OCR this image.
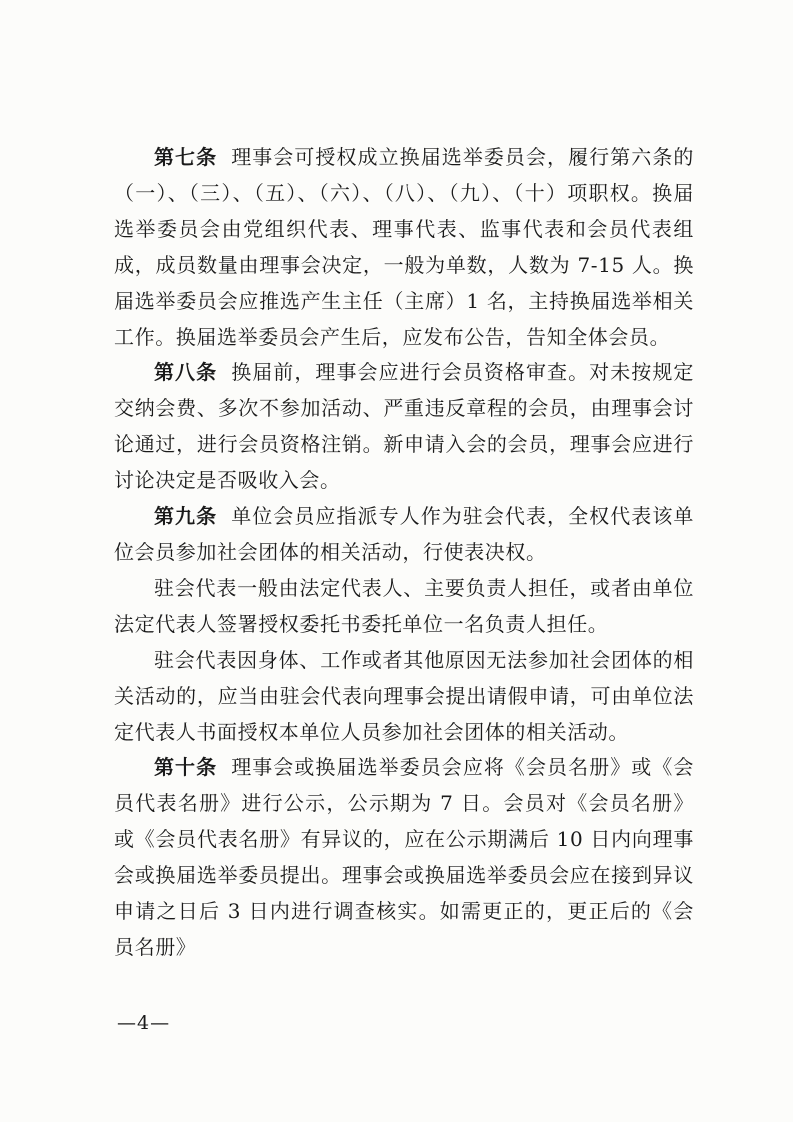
第七条 理事会可授权成立换届选举委员会，履行第六条的（一）、（三）、（五）、（六）、（八）、（九）、（十）项职权。换届选举委员会由党组织代表、理事代表、监事代表和会员代表组成，成员数量由理事会决定，一般为单数，人数为 7-15 人。换届选举委员会应推选产生主任（主席）1 名，主持换届选举相关工作。换届选举委员会产生后，应发布公告，告知全体会员。

第八条 换届前，理事会应进行会员资格审查。对未按规定交纳会费、多次不参加活动、严重违反章程的会员，由理事会讨论通过，进行会员资格注销。新申请入会的会员，理事会应进行讨论决定是否吸收入会。

第九条 单位会员应指派专人作为驻会代表，全权代表该单位会员参加社会团体的相关活动，行使表决权。

驻会代表一般由法定代表人、主要负责人担任，或者由单位法定代表人签署授权委托书委托单位一名负责人担任。

驻会代表因身体、工作或者其他原因无法参加社会团体的相关活动的，应当由驻会代表向理事会提出请假申请，可由单位法定代表人书面授权本单位人员参加社会团体的相关活动。

第十条 理事会或换届选举委员会应将《会员名册》或《会员代表名册》进行公示，公示期为 7 日。会员对《会员名册》或《会员代表名册》有异议的，应在公示期满后 10 日内向理事会或换届选举委员提出。理事会或换届选举委员会应在接到异议申请之日后 3 日内进行调查核实。如需更正的，更正后的《会员名册》

—4—
